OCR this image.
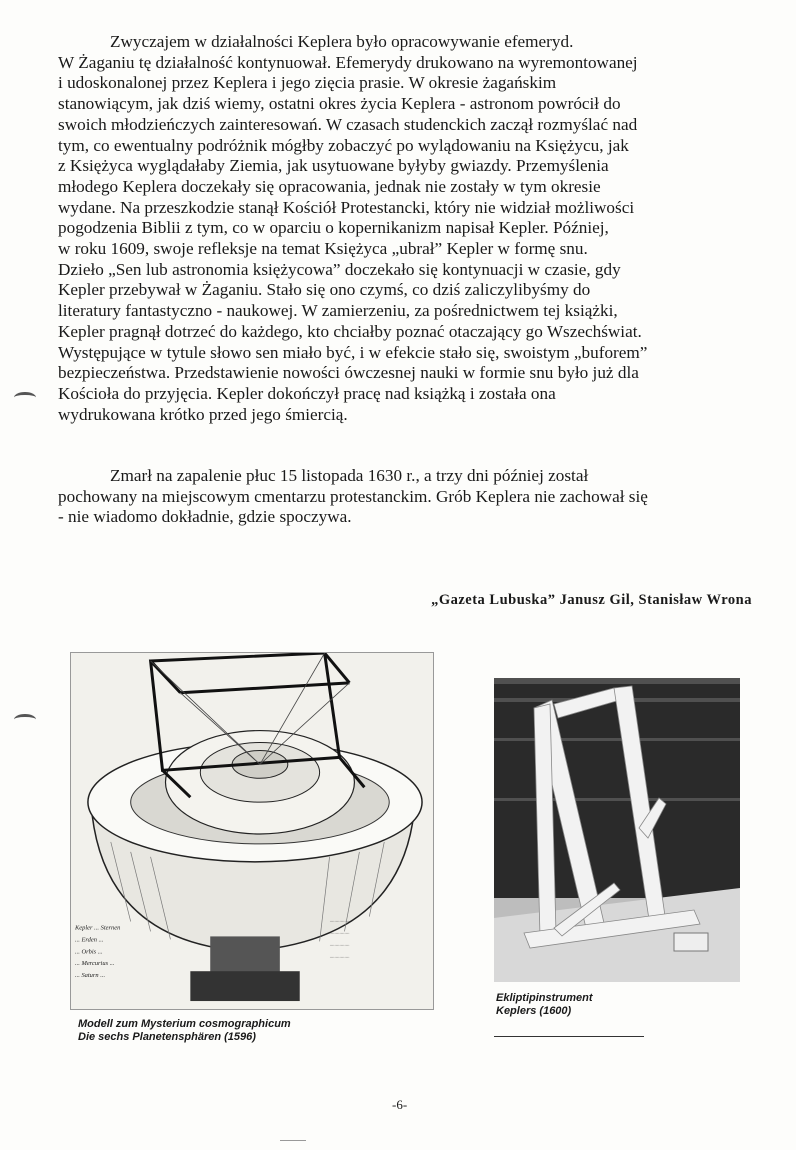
Zwyczajem w działalności Keplera było opracowywanie efemeryd.
W Żaganiu tę działalność kontynuował. Efemerydy drukowano na wyremontowanej
i udoskonalonej przez Keplera i jego zięcia prasie. W okresie żagańskim
stanowiącym, jak dziś wiemy, ostatni okres życia Keplera - astronom powrócił do
swoich młodzieńczych zainteresowań. W czasach studenckich zaczął rozmyślać nad
tym, co ewentualny podróżnik mógłby zobaczyć po wylądowaniu na Księżycu, jak
z Księżyca wyglądałaby Ziemia, jak usytuowane byłyby gwiazdy. Przemyślenia
młodego Keplera doczekały się opracowania, jednak nie zostały w tym okresie
wydane. Na przeszkodzie stanął Kościół Protestancki, który nie widział możliwości
pogodzenia Biblii z tym, co w oparciu o kopernikanizm napisał Kepler. Później,
w roku 1609, swoje refleksje na temat Księżyca „ubrał” Kepler w formę snu.
Dzieło „Sen lub astronomia księżycowa” doczekało się kontynuacji w czasie, gdy
Kepler przebywał w Żaganiu. Stało się ono czymś, co dziś zaliczylibyśmy do
literatury fantastyczno - naukowej. W zamierzeniu, za pośrednictwem tej książki,
Kepler pragnął dotrzeć do każdego, kto chciałby poznać otaczający go Wszechświat.
Występujące w tytule słowo sen miało być, i w efekcie stało się, swoistym „buforem”
bezpieczeństwa. Przedstawienie nowości ówczesnej nauki w formie snu było już dla
Kościoła do przyjęcia. Kepler dokończył pracę nad książką i została ona
wydrukowana krótko przed jego śmiercią.
Zmarł na zapalenie płuc 15 listopada 1630 r., a trzy dni później został
pochowany na miejscowym cmentarzu protestanckim. Grób Keplera nie zachował się
- nie wiadomo dokładnie, gdzie spoczywa.
„Gazeta Lubuska” Janusz Gil, Stanisław Wrona
Kepler ... Sternen
... Erden ...
... Orbis ...
... Mercurius ...
... Saturn ...
................
................
................
................
Modell zum Mysterium cosmographicum
Die sechs Planetensphären (1596)
Ekliptipinstrument
Keplers (1600)
-6-
